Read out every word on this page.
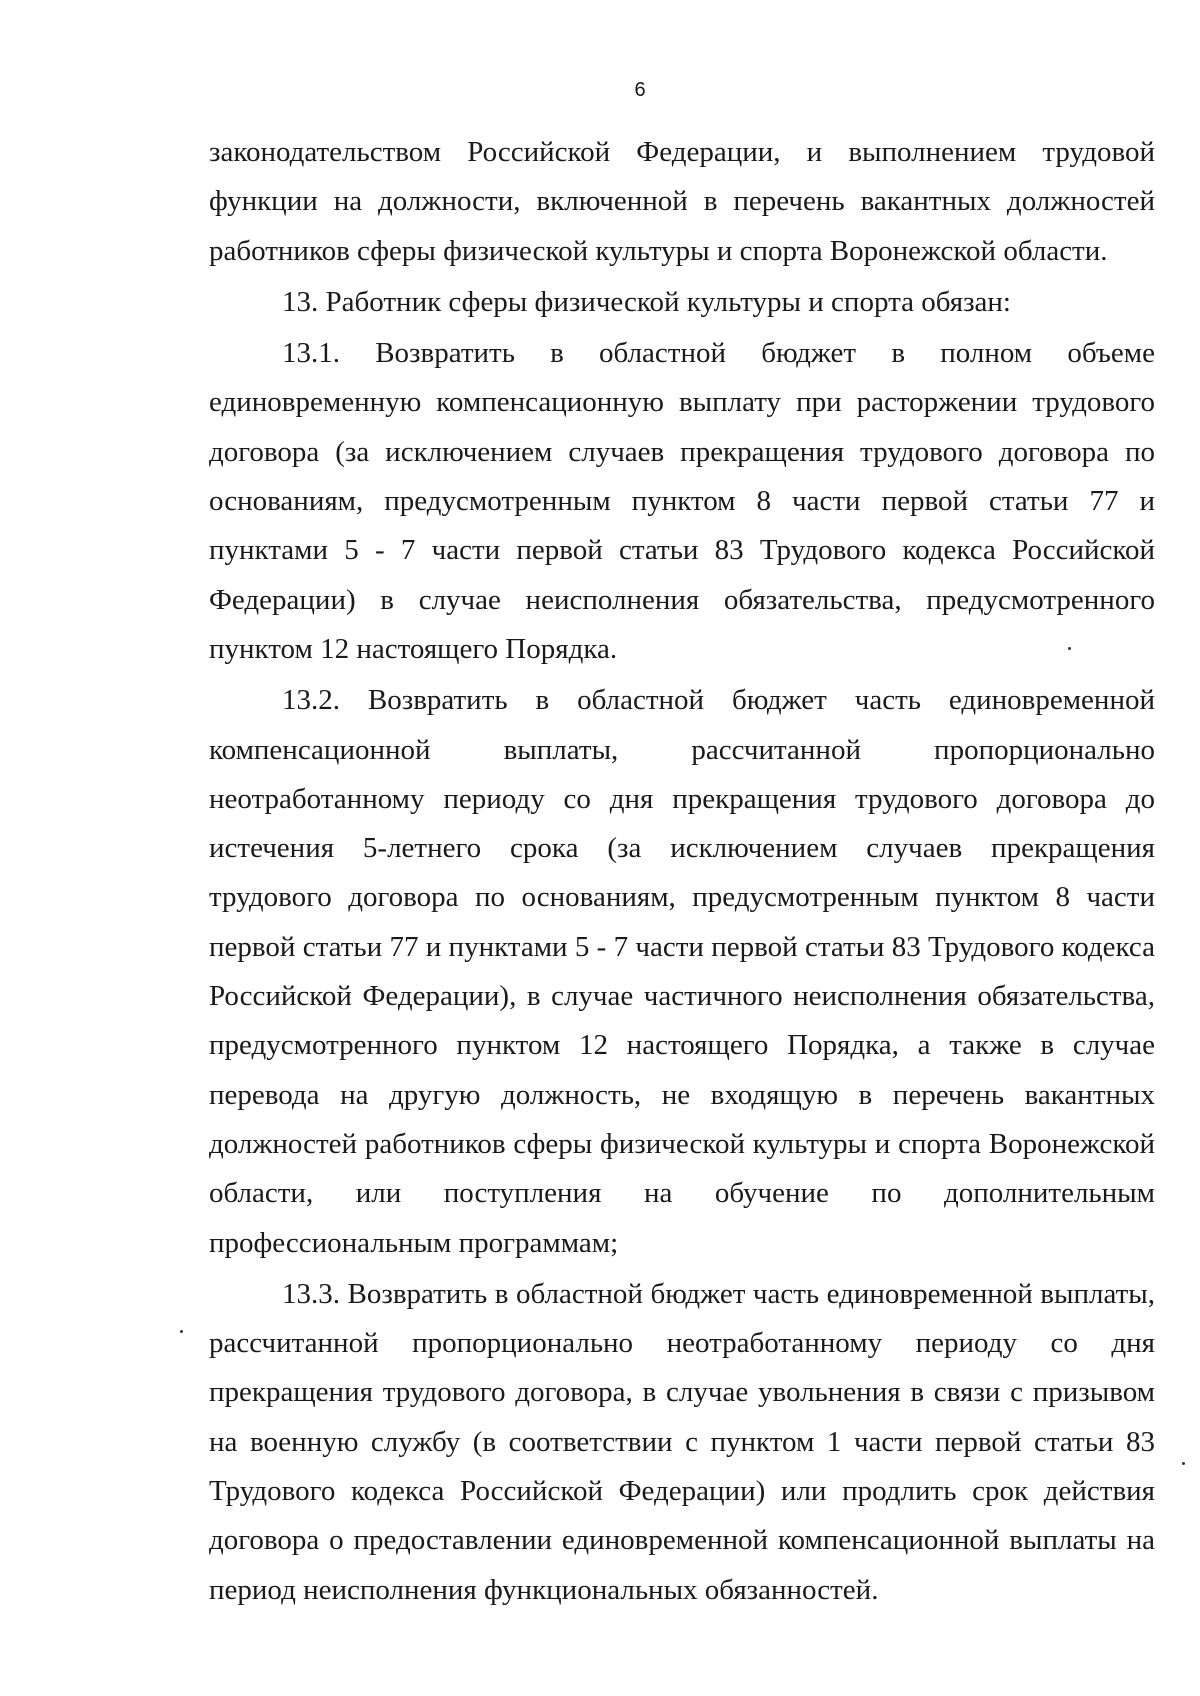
6

законодательством Российской Федерации, и выполнением трудовой функции на должности, включенной в перечень вакантных должностей работников сферы физической культуры и спорта Воронежской области.

13. Работник сферы физической культуры и спорта обязан:

13.1. Возвратить в областной бюджет в полном объеме единовременную компенсационную выплату при расторжении трудового договора (за исключением случаев прекращения трудового договора по основаниям, предусмотренным пунктом 8 части первой статьи 77 и пунктами 5 - 7 части первой статьи 83 Трудового кодекса Российской Федерации) в случае неисполнения обязательства, предусмотренного пунктом 12 настоящего Порядка.

13.2. Возвратить в областной бюджет часть единовременной компенсационной выплаты, рассчитанной пропорционально неотработанному периоду со дня прекращения трудового договора до истечения 5-летнего срока (за исключением случаев прекращения трудового договора по основаниям, предусмотренным пунктом 8 части первой статьи 77 и пунктами 5 - 7 части первой статьи 83 Трудового кодекса Российской Федерации), в случае частичного неисполнения обязательства, предусмотренного пунктом 12 настоящего Порядка, а также в случае перевода на другую должность, не входящую в перечень вакантных должностей работников сферы физической культуры и спорта Воронежской области, или поступления на обучение по дополнительным профессиональным программам;

13.3. Возвратить в областной бюджет часть единовременной выплаты, рассчитанной пропорционально неотработанному периоду со дня прекращения трудового договора, в случае увольнения в связи с призывом на военную службу (в соответствии с пунктом 1 части первой статьи 83 Трудового кодекса Российской Федерации) или продлить срок действия договора о предоставлении единовременной компенсационной выплаты на период неисполнения функциональных обязанностей.
